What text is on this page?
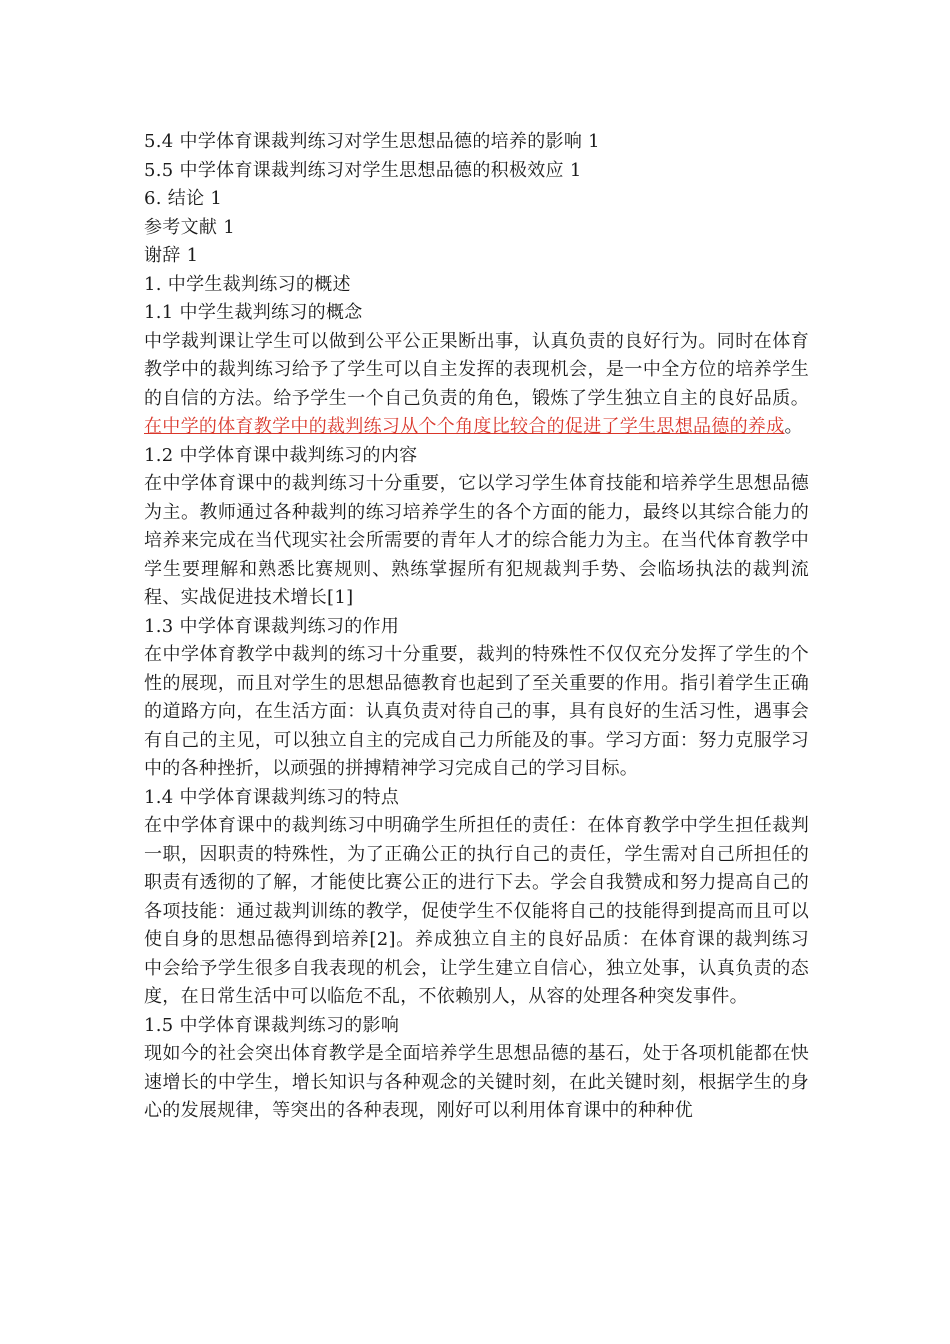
5.4 中学体育课裁判练习对学生思想品德的培养的影响 1

5.5 中学体育课裁判练习对学生思想品德的积极效应 1

6. 结论 1

参考文献 1

谢辞 1

1. 中学生裁判练习的概述

1.1 中学生裁判练习的概念

中学裁判课让学生可以做到公平公正果断出事，认真负责的良好行为。同时在体育教学中的裁判练习给予了学生可以自主发挥的表现机会，是一中全方位的培养学生的自信的方法。给予学生一个自己负责的角色，锻炼了学生独立自主的良好品质。在中学的体育教学中的裁判练习从个个角度比较合的促进了学生思想品德的养成。

1.2 中学体育课中裁判练习的内容

在中学体育课中的裁判练习十分重要，它以学习学生体育技能和培养学生思想品德为主。教师通过各种裁判的练习培养学生的各个方面的能力，最终以其综合能力的培养来完成在当代现实社会所需要的青年人才的综合能力为主。在当代体育教学中学生要理解和熟悉比赛规则、熟练掌握所有犯规裁判手势、会临场执法的裁判流程、实战促进技术增长[1]

1.3 中学体育课裁判练习的作用

在中学体育教学中裁判的练习十分重要，裁判的特殊性不仅仅充分发挥了学生的个性的展现，而且对学生的思想品德教育也起到了至关重要的作用。指引着学生正确的道路方向，在生活方面：认真负责对待自己的事，具有良好的生活习性，遇事会有自己的主见，可以独立自主的完成自己力所能及的事。学习方面：努力克服学习中的各种挫折，以顽强的拼搏精神学习完成自己的学习目标。

1.4 中学体育课裁判练习的特点

在中学体育课中的裁判练习中明确学生所担任的责任：在体育教学中学生担任裁判一职，因职责的特殊性，为了正确公正的执行自己的责任，学生需对自己所担任的职责有透彻的了解，才能使比赛公正的进行下去。学会自我赞成和努力提高自己的各项技能：通过裁判训练的教学，促使学生不仅能将自己的技能得到提高而且可以使自身的思想品德得到培养[2]。养成独立自主的良好品质：在体育课的裁判练习中会给予学生很多自我表现的机会，让学生建立自信心，独立处事，认真负责的态度，在日常生活中可以临危不乱，不依赖别人，从容的处理各种突发事件。

1.5 中学体育课裁判练习的影响

现如今的社会突出体育教学是全面培养学生思想品德的基石，处于各项机能都在快速增长的中学生，增长知识与各种观念的关键时刻，在此关键时刻，根据学生的身心的发展规律，等突出的各种表现，刚好可以利用体育课中的种种优
